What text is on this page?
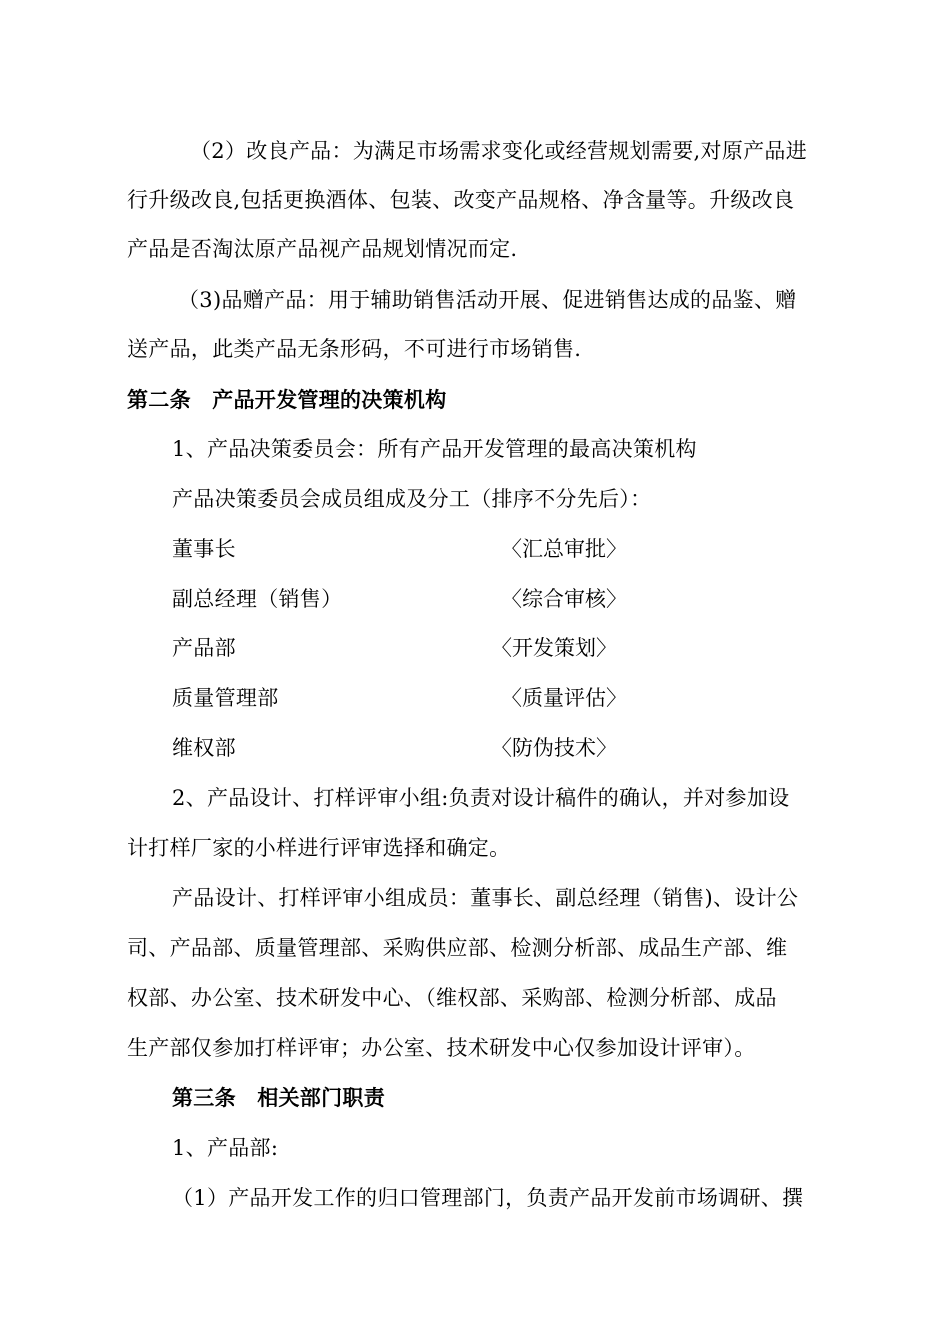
（2）改良产品：为满足市场需求变化或经营规划需要,对原产品进
行升级改良,包括更换酒体、包装、改变产品规格、净含量等。升级改良
产品是否淘汰原产品视产品规划情况而定.
（3)品赠产品：用于辅助销售活动开展、促进销售达成的品鉴、赠
送产品，此类产品无条形码，不可进行市场销售.
第二条　产品开发管理的决策机构
1、产品决策委员会：所有产品开发管理的最高决策机构
产品决策委员会成员组成及分工（排序不分先后）：
董事长	〈汇总审批〉
副总经理（销售）	〈综合审核〉
产品部	〈开发策划〉
质量管理部	〈质量评估〉
维权部	〈防伪技术〉
2、产品设计、打样评审小组:负责对设计稿件的确认，并对参加设
计打样厂家的小样进行评审选择和确定。
产品设计、打样评审小组成员：董事长、副总经理（销售)、设计公
司、产品部、质量管理部、采购供应部、检测分析部、成品生产部、维
权部、办公室、技术研发中心、（维权部、采购部、检测分析部、成品
生产部仅参加打样评审；办公室、技术研发中心仅参加设计评审）。
第三条　相关部门职责
1、产品部:
（1）产品开发工作的归口管理部门，负责产品开发前市场调研、撰
